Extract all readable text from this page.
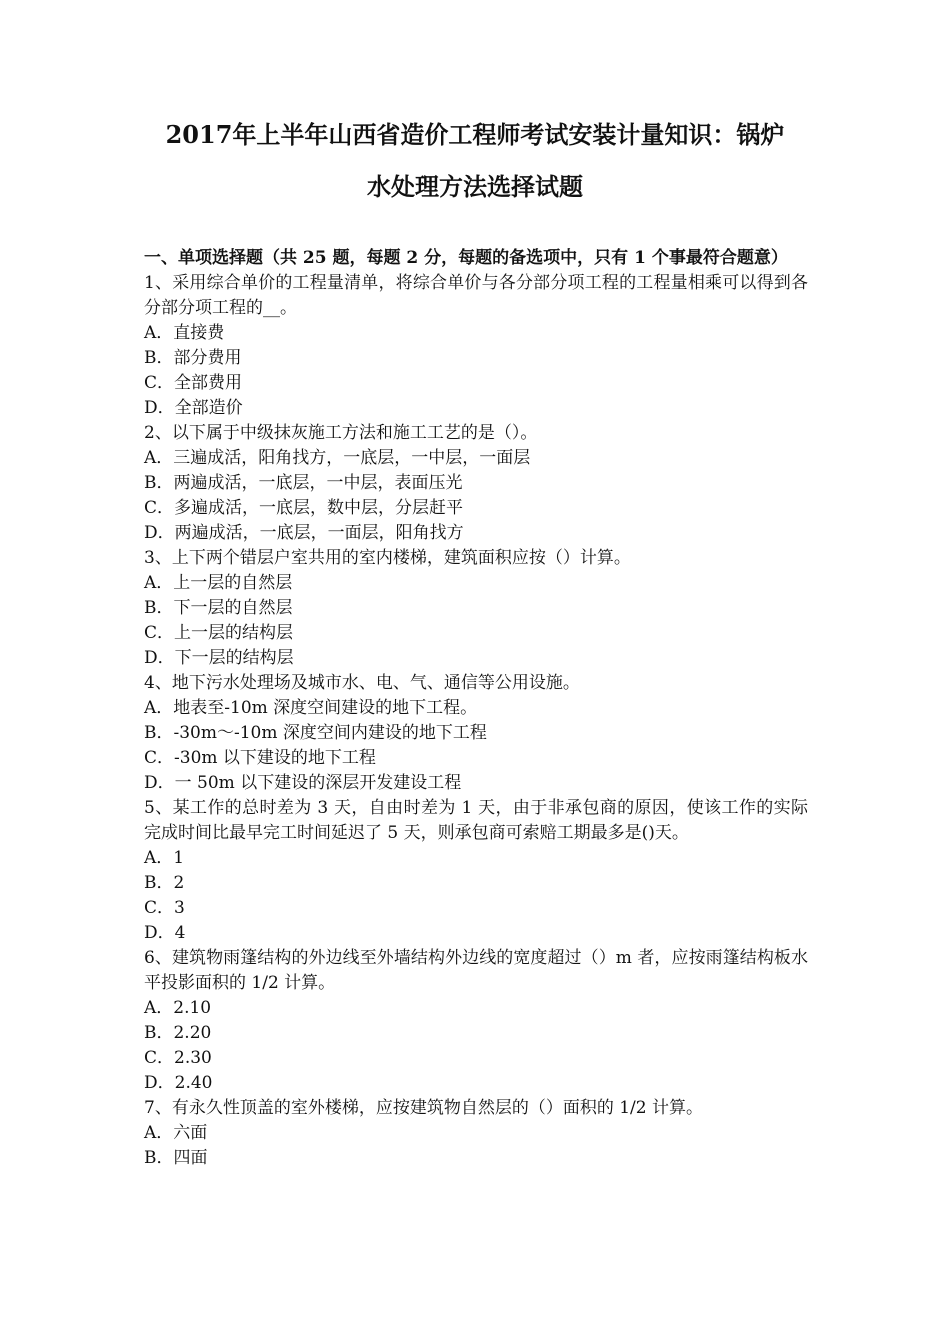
2017年上半年山西省造价工程师考试安装计量知识：锅炉
水处理方法选择试题
一、单项选择题（共 25 题，每题 2 分，每题的备选项中，只有 1 个事最符合题意）

1、采用综合单价的工程量清单，将综合单价与各分部分项工程的工程量相乘可以得到各分部分项工程的__。

A．直接费

B．部分费用

C．全部费用

D．全部造价

2、以下属于中级抹灰施工方法和施工工艺的是（）。

A．三遍成活，阳角找方，一底层，一中层，一面层

B．两遍成活，一底层，一中层，表面压光

C．多遍成活，一底层，数中层，分层赶平

D．两遍成活，一底层，一面层，阳角找方

3、上下两个错层户室共用的室内楼梯，建筑面积应按（）计算。

A．上一层的自然层

B．下一层的自然层

C．上一层的结构层

D．下一层的结构层

4、地下污水处理场及城市水、电、气、通信等公用设施。

A．地表至-10m 深度空间建设的地下工程。

B．-30m～-10m 深度空间内建设的地下工程

C．-30m 以下建设的地下工程

D．一 50m 以下建设的深层开发建设工程

5、某工作的总时差为 3 天，自由时差为 1 天，由于非承包商的原因，使该工作的实际完成时间比最早完工时间延迟了 5 天，则承包商可索赔工期最多是()天。

A．1

B．2

C．3

D．4

6、建筑物雨篷结构的外边线至外墙结构外边线的宽度超过（）m 者，应按雨篷结构板水平投影面积的 1/2 计算。

A．2.10

B．2.20

C．2.30

D．2.40

7、有永久性顶盖的室外楼梯，应按建筑物自然层的（）面积的 1/2 计算。

A．六面

B．四面
